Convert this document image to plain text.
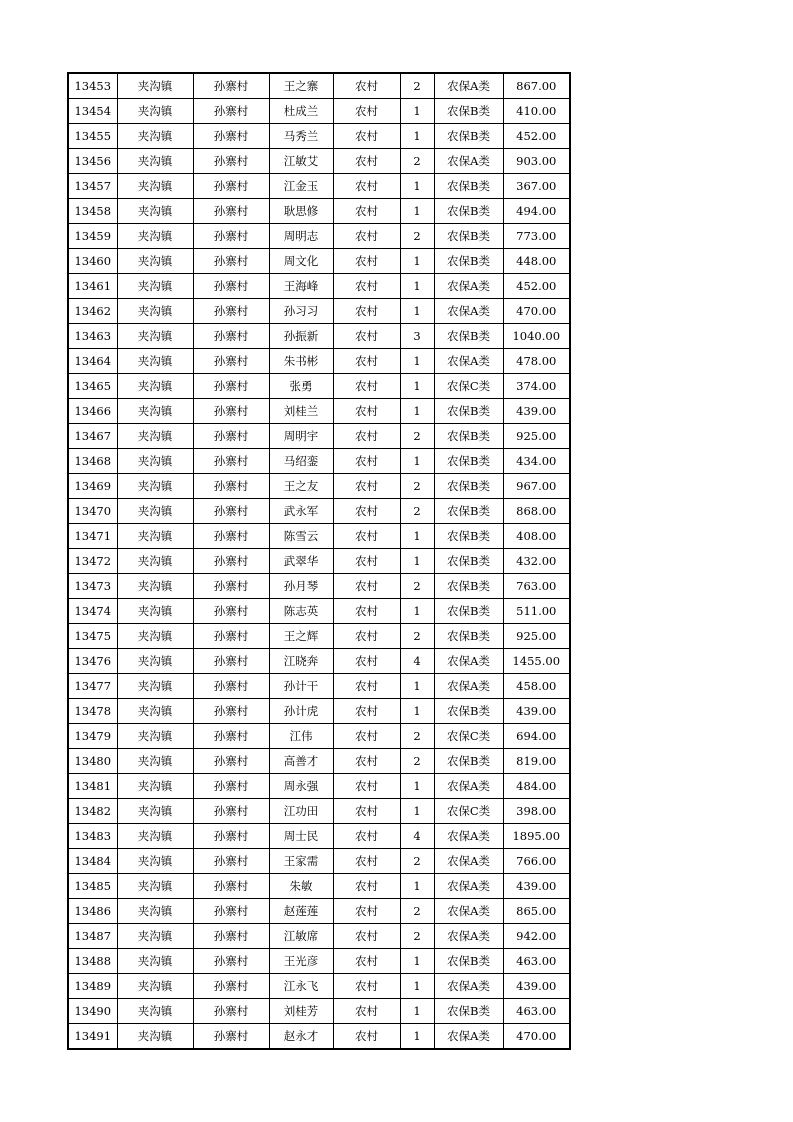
13453	夹沟镇	孙寨村	王之寨	农村	2	农保A类	867.00
13454	夹沟镇	孙寨村	杜成兰	农村	1	农保B类	410.00
13455	夹沟镇	孙寨村	马秀兰	农村	1	农保B类	452.00
13456	夹沟镇	孙寨村	江敏艾	农村	2	农保A类	903.00
13457	夹沟镇	孙寨村	江金玉	农村	1	农保B类	367.00
13458	夹沟镇	孙寨村	耿思修	农村	1	农保B类	494.00
13459	夹沟镇	孙寨村	周明志	农村	2	农保B类	773.00
13460	夹沟镇	孙寨村	周文化	农村	1	农保B类	448.00
13461	夹沟镇	孙寨村	王海峰	农村	1	农保A类	452.00
13462	夹沟镇	孙寨村	孙习习	农村	1	农保A类	470.00
13463	夹沟镇	孙寨村	孙振新	农村	3	农保B类	1040.00
13464	夹沟镇	孙寨村	朱书彬	农村	1	农保A类	478.00
13465	夹沟镇	孙寨村	张勇	农村	1	农保C类	374.00
13466	夹沟镇	孙寨村	刘桂兰	农村	1	农保B类	439.00
13467	夹沟镇	孙寨村	周明宇	农村	2	农保B类	925.00
13468	夹沟镇	孙寨村	马绍銮	农村	1	农保B类	434.00
13469	夹沟镇	孙寨村	王之友	农村	2	农保B类	967.00
13470	夹沟镇	孙寨村	武永军	农村	2	农保B类	868.00
13471	夹沟镇	孙寨村	陈雪云	农村	1	农保B类	408.00
13472	夹沟镇	孙寨村	武翠华	农村	1	农保B类	432.00
13473	夹沟镇	孙寨村	孙月琴	农村	2	农保B类	763.00
13474	夹沟镇	孙寨村	陈志英	农村	1	农保B类	511.00
13475	夹沟镇	孙寨村	王之辉	农村	2	农保B类	925.00
13476	夹沟镇	孙寨村	江晓奔	农村	4	农保A类	1455.00
13477	夹沟镇	孙寨村	孙计干	农村	1	农保A类	458.00
13478	夹沟镇	孙寨村	孙计虎	农村	1	农保B类	439.00
13479	夹沟镇	孙寨村	江伟	农村	2	农保C类	694.00
13480	夹沟镇	孙寨村	高善才	农村	2	农保B类	819.00
13481	夹沟镇	孙寨村	周永强	农村	1	农保A类	484.00
13482	夹沟镇	孙寨村	江功田	农村	1	农保C类	398.00
13483	夹沟镇	孙寨村	周士民	农村	4	农保A类	1895.00
13484	夹沟镇	孙寨村	王家需	农村	2	农保A类	766.00
13485	夹沟镇	孙寨村	朱敏	农村	1	农保A类	439.00
13486	夹沟镇	孙寨村	赵莲莲	农村	2	农保A类	865.00
13487	夹沟镇	孙寨村	江敏席	农村	2	农保A类	942.00
13488	夹沟镇	孙寨村	王光彦	农村	1	农保B类	463.00
13489	夹沟镇	孙寨村	江永飞	农村	1	农保A类	439.00
13490	夹沟镇	孙寨村	刘桂芳	农村	1	农保B类	463.00
13491	夹沟镇	孙寨村	赵永才	农村	1	农保A类	470.00
